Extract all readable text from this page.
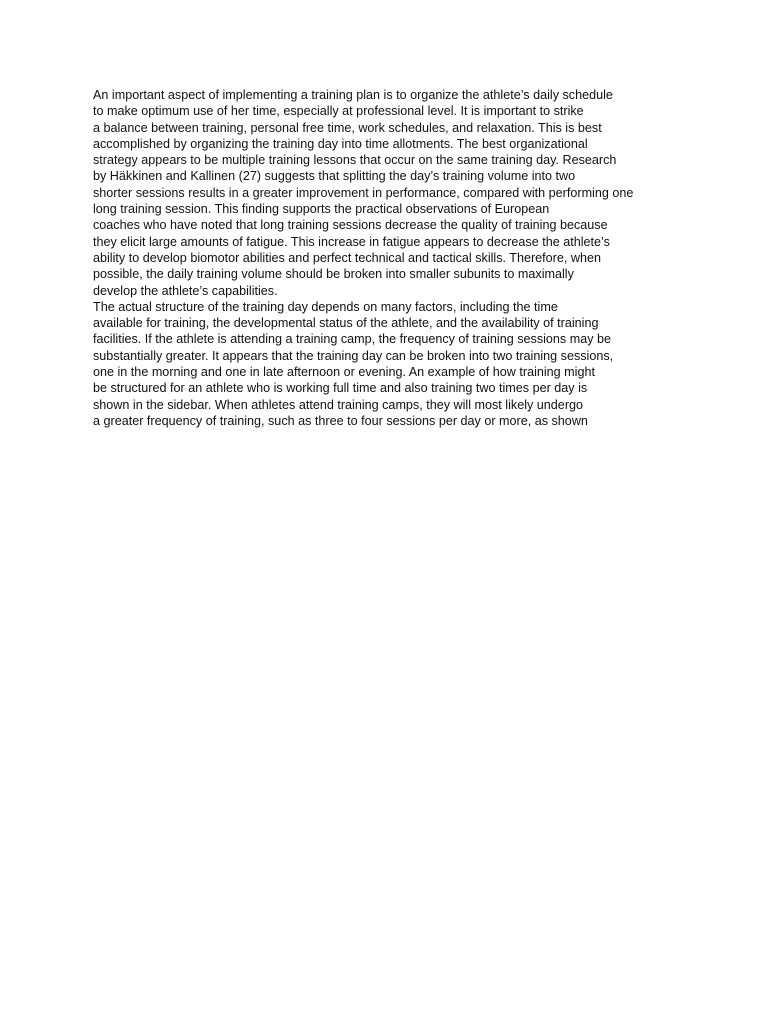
An important aspect of implementing a training plan is to organize the athlete’s daily schedule
to make optimum use of her time, especially at professional level. It is important to strike
a balance between training, personal free time, work schedules, and relaxation. This is best
accomplished by organizing the training day into time allotments. The best organizational
strategy appears to be multiple training lessons that occur on the same training day. Research
by Häkkinen and Kallinen (27) suggests that splitting the day’s training volume into two
shorter sessions results in a greater improvement in performance, compared with performing one
long training session. This finding supports the practical observations of European
coaches who have noted that long training sessions decrease the quality of training because
they elicit large amounts of fatigue. This increase in fatigue appears to decrease the athlete’s
ability to develop biomotor abilities and perfect technical and tactical skills. Therefore, when
possible, the daily training volume should be broken into smaller subunits to maximally
develop the athlete’s capabilities.
The actual structure of the training day depends on many factors, including the time
available for training, the developmental status of the athlete, and the availability of training
facilities. If the athlete is attending a training camp, the frequency of training sessions may be
substantially greater. It appears that the training day can be broken into two training sessions,
one in the morning and one in late afternoon or evening. An example of how training might
be structured for an athlete who is working full time and also training two times per day is
shown in the sidebar. When athletes attend training camps, they will most likely undergo
a greater frequency of training, such as three to four sessions per day or more, as shown
